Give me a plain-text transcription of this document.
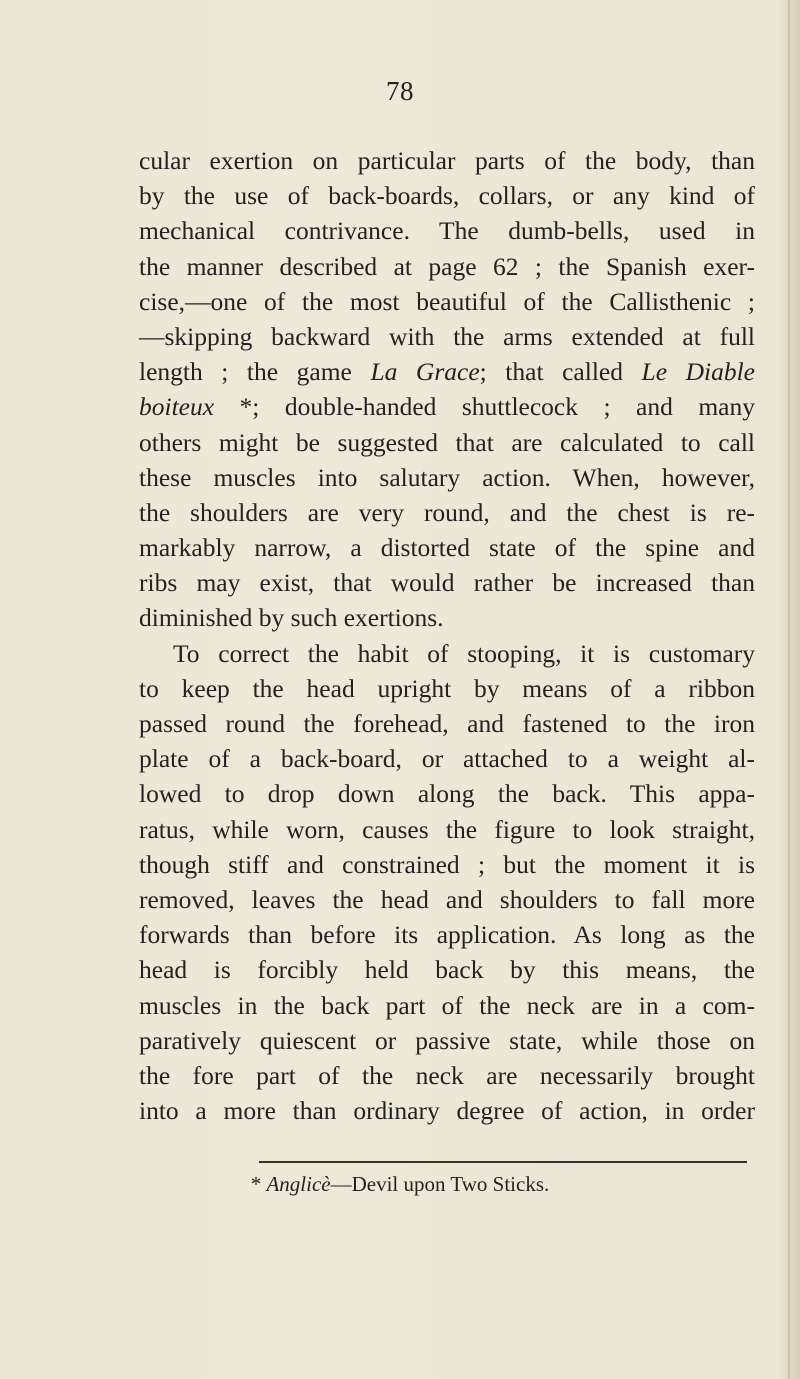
78
cular exertion on particular parts of the body, than
by the use of back-boards, collars, or any kind of
mechanical contrivance. The dumb-bells, used in
the manner described at page 62 ; the Spanish exer-
cise,—one of the most beautiful of the Callisthenic ;
—skipping backward with the arms extended at full
length ; the game La Grace; that called Le Diable
boiteux *; double-handed shuttlecock ; and many
others might be suggested that are calculated to call
these muscles into salutary action. When, however,
the shoulders are very round, and the chest is re-
markably narrow, a distorted state of the spine and
ribs may exist, that would rather be increased than
diminished by such exertions.
To correct the habit of stooping, it is customary
to keep the head upright by means of a ribbon
passed round the forehead, and fastened to the iron
plate of a back-board, or attached to a weight al-
lowed to drop down along the back. This appa-
ratus, while worn, causes the figure to look straight,
though stiff and constrained ; but the moment it is
removed, leaves the head and shoulders to fall more
forwards than before its application. As long as the
head is forcibly held back by this means, the
muscles in the back part of the neck are in a com-
paratively quiescent or passive state, while those on
the fore part of the neck are necessarily brought
into a more than ordinary degree of action, in order
* Anglicè—Devil upon Two Sticks.
